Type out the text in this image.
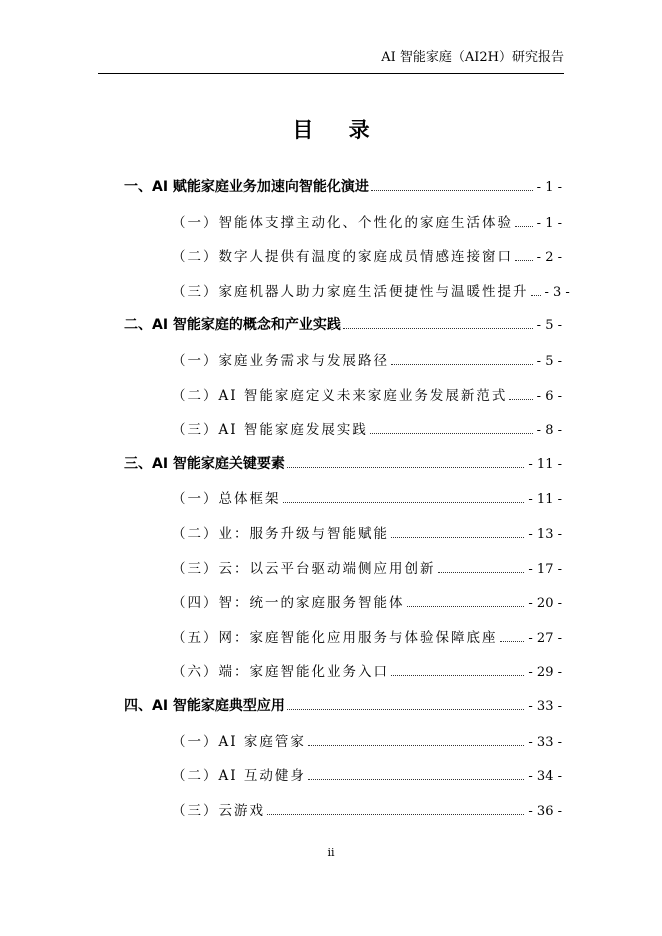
AI 智能家庭（AI2H）研究报告
目 录
一、AI 赋能家庭业务加速向智能化演进	- 1 -
（一）智能体支撑主动化、个性化的家庭生活体验 - 1 -
（二）数字人提供有温度的家庭成员情感连接窗口 - 2 -
（三）家庭机器人助力家庭生活便捷性与温暖性提升 - 3 -
二、AI 智能家庭的概念和产业实践	- 5 -
（一）家庭业务需求与发展路径	- 5 -
（二）AI 智能家庭定义未来家庭业务发展新范式 - 6 -
（三）AI 智能家庭发展实践	- 8 -
三、AI 智能家庭关键要素	- 11 -
（一）总体框架	- 11 -
（二）业：服务升级与智能赋能	- 13 -
（三）云：以云平台驱动端侧应用创新	- 17 -
（四）智：统一的家庭服务智能体	- 20 -
（五）网：家庭智能化应用服务与体验保障底座 - 27 -
（六）端：家庭智能化业务入口	- 29 -
四、AI 智能家庭典型应用	- 33 -
（一）AI 家庭管家	- 33 -
（二）AI 互动健身	- 34 -
（三）云游戏	- 36 -
ii
